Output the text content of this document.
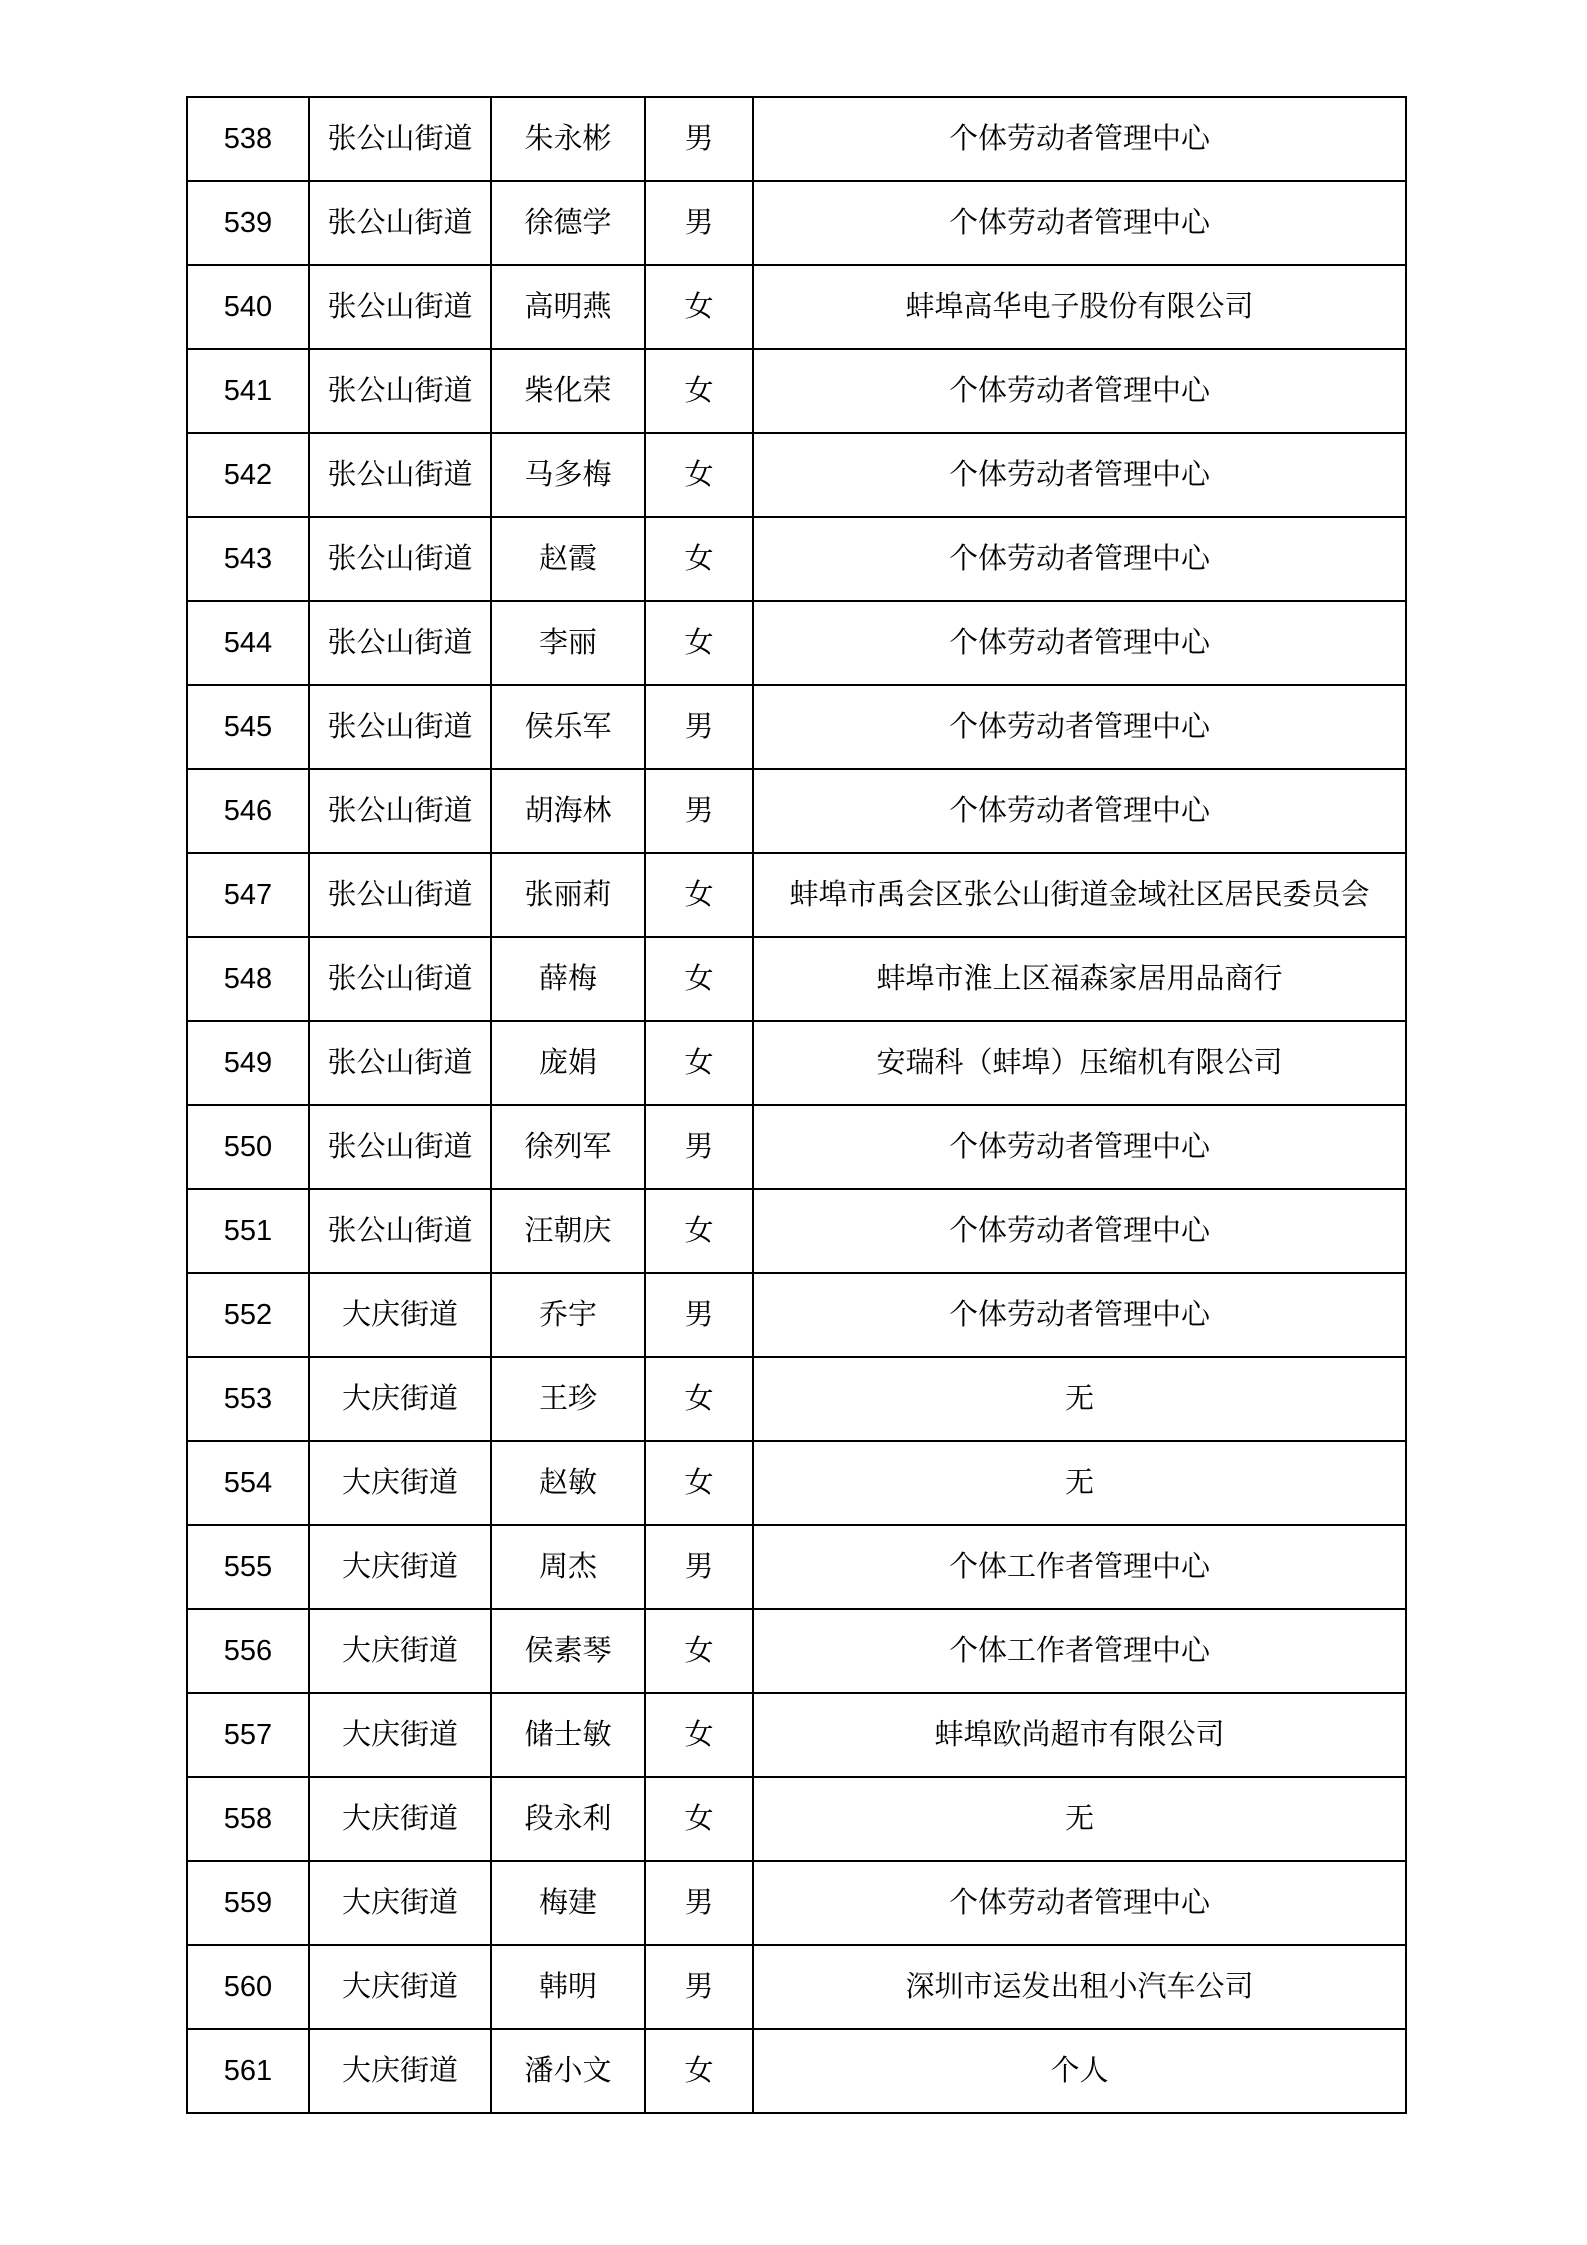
538	张公山街道	朱永彬	男	个体劳动者管理中心
539	张公山街道	徐德学	男	个体劳动者管理中心
540	张公山街道	高明燕	女	蚌埠高华电子股份有限公司
541	张公山街道	柴化荣	女	个体劳动者管理中心
542	张公山街道	马多梅	女	个体劳动者管理中心
543	张公山街道	赵霞	女	个体劳动者管理中心
544	张公山街道	李丽	女	个体劳动者管理中心
545	张公山街道	侯乐军	男	个体劳动者管理中心
546	张公山街道	胡海林	男	个体劳动者管理中心
547	张公山街道	张丽莉	女	蚌埠市禹会区张公山街道金域社区居民委员会
548	张公山街道	薛梅	女	蚌埠市淮上区福森家居用品商行
549	张公山街道	庞娟	女	安瑞科（蚌埠）压缩机有限公司
550	张公山街道	徐列军	男	个体劳动者管理中心
551	张公山街道	汪朝庆	女	个体劳动者管理中心
552	大庆街道	乔宇	男	个体劳动者管理中心
553	大庆街道	王珍	女	无
554	大庆街道	赵敏	女	无
555	大庆街道	周杰	男	个体工作者管理中心
556	大庆街道	侯素琴	女	个体工作者管理中心
557	大庆街道	储士敏	女	蚌埠欧尚超市有限公司
558	大庆街道	段永利	女	无
559	大庆街道	梅建	男	个体劳动者管理中心
560	大庆街道	韩明	男	深圳市运发出租小汽车公司
561	大庆街道	潘小文	女	个人
